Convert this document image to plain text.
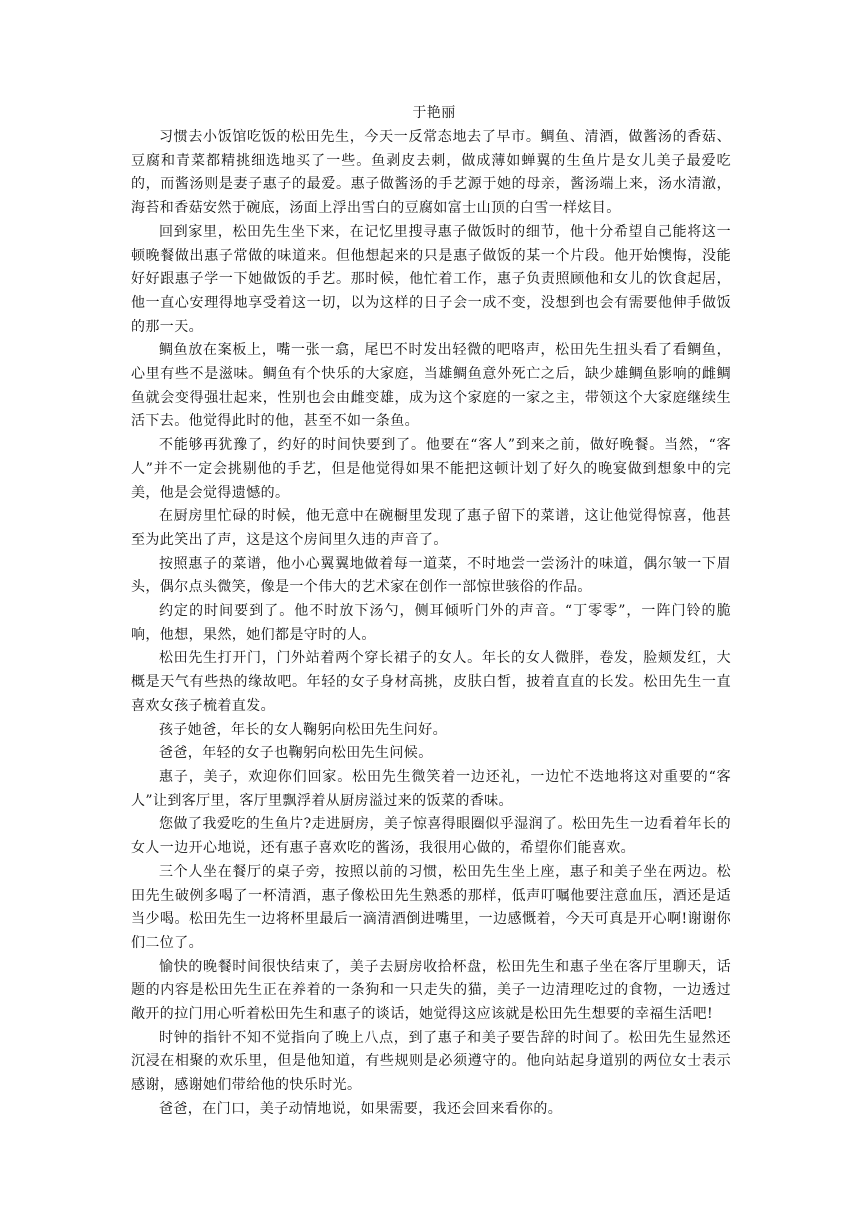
于艳丽

习惯去小饭馆吃饭的松田先生，今天一反常态地去了早市。鲷鱼、清酒，做酱汤的香菇、豆腐和青菜都精挑细选地买了一些。鱼剥皮去刺，做成薄如蝉翼的生鱼片是女儿美子最爱吃的，而酱汤则是妻子惠子的最爱。惠子做酱汤的手艺源于她的母亲，酱汤端上来，汤水清澈，海苔和香菇安然于碗底，汤面上浮出雪白的豆腐如富士山顶的白雪一样炫目。

回到家里，松田先生坐下来，在记忆里搜寻惠子做饭时的细节，他十分希望自己能将这一顿晚餐做出惠子常做的味道来。但他想起来的只是惠子做饭的某一个片段。他开始懊悔，没能好好跟惠子学一下她做饭的手艺。那时候，他忙着工作，惠子负责照顾他和女儿的饮食起居，他一直心安理得地享受着这一切，以为这样的日子会一成不变，没想到也会有需要他伸手做饭的那一天。

鲷鱼放在案板上，嘴一张一翕，尾巴不时发出轻微的吧咯声，松田先生扭头看了看鲷鱼，心里有些不是滋味。鲷鱼有个快乐的大家庭，当雄鲷鱼意外死亡之后，缺少雄鲷鱼影响的雌鲷鱼就会变得强壮起来，性别也会由雌变雄，成为这个家庭的一家之主，带领这个大家庭继续生活下去。他觉得此时的他，甚至不如一条鱼。

不能够再犹豫了，约好的时间快要到了。他要在“客人”到来之前，做好晚餐。当然，“客人”并不一定会挑剔他的手艺，但是他觉得如果不能把这顿计划了好久的晚宴做到想象中的完美，他是会觉得遗憾的。

在厨房里忙碌的时候，他无意中在碗橱里发现了惠子留下的菜谱，这让他觉得惊喜，他甚至为此笑出了声，这是这个房间里久违的声音了。

按照惠子的菜谱，他小心翼翼地做着每一道菜，不时地尝一尝汤汁的味道，偶尔皱一下眉头，偶尔点头微笑，像是一个伟大的艺术家在创作一部惊世骇俗的作品。

约定的时间要到了。他不时放下汤勺，侧耳倾听门外的声音。“丁零零”，一阵门铃的脆响，他想，果然，她们都是守时的人。

松田先生打开门，门外站着两个穿长裙子的女人。年长的女人微胖，卷发，脸颊发红，大概是天气有些热的缘故吧。年轻的女子身材高挑，皮肤白皙，披着直直的长发。松田先生一直喜欢女孩子梳着直发。

孩子她爸，年长的女人鞠躬向松田先生问好。

爸爸，年轻的女子也鞠躬向松田先生问候。

惠子，美子，欢迎你们回家。松田先生微笑着一边还礼，一边忙不迭地将这对重要的“客人”让到客厅里，客厅里飘浮着从厨房溢过来的饭菜的香味。

您做了我爱吃的生鱼片?走进厨房，美子惊喜得眼圈似乎湿润了。松田先生一边看着年长的女人一边开心地说，还有惠子喜欢吃的酱汤，我很用心做的，希望你们能喜欢。

三个人坐在餐厅的桌子旁，按照以前的习惯，松田先生坐上座，惠子和美子坐在两边。松田先生破例多喝了一杯清酒，惠子像松田先生熟悉的那样，低声叮嘱他要注意血压，酒还是适当少喝。松田先生一边将杯里最后一滴清酒倒进嘴里，一边感慨着，今天可真是开心啊!谢谢你们二位了。

愉快的晚餐时间很快结束了，美子去厨房收拾杯盘，松田先生和惠子坐在客厅里聊天，话题的内容是松田先生正在养着的一条狗和一只走失的猫，美子一边清理吃过的食物，一边透过敞开的拉门用心听着松田先生和惠子的谈话，她觉得这应该就是松田先生想要的幸福生活吧!

时钟的指针不知不觉指向了晚上八点，到了惠子和美子要告辞的时间了。松田先生显然还沉浸在相聚的欢乐里，但是他知道，有些规则是必须遵守的。他向站起身道别的两位女士表示感谢，感谢她们带给他的快乐时光。

爸爸，在门口，美子动情地说，如果需要，我还会回来看你的。
